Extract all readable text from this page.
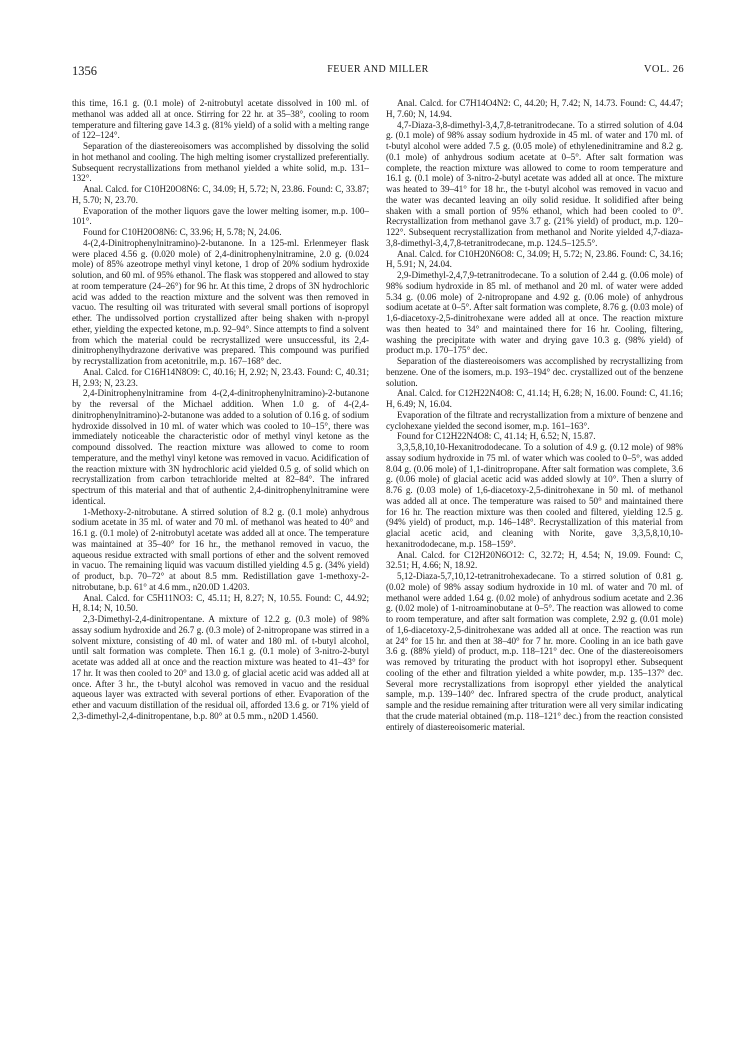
1356	FEUER AND MILLER	VOL. 26

this time, 16.1 g. (0.1 mole) of 2-nitrobutyl acetate dissolved in 100 ml. of methanol was added all at once. Stirring for 22 hr. at 35–38°, cooling to room temperature and filtering gave 14.3 g. (81% yield) of a solid with a melting range of 122–124°.

Separation of the diastereoisomers was accomplished by dissolving the solid in hot methanol and cooling. The high melting isomer crystallized preferentially. Subsequent recrystallizations from methanol yielded a white solid, m.p. 131–132°.

Anal. Calcd. for C10H20O8N6: C, 34.09; H, 5.72; N, 23.86. Found: C, 33.87; H, 5.70; N, 23.70.

Evaporation of the mother liquors gave the lower melting isomer, m.p. 100–101°.

Found for C10H20O8N6: C, 33.96; H, 5.78; N, 24.06.

4-(2,4-Dinitrophenylnitramino)-2-butanone. In a 125-ml. Erlenmeyer flask were placed 4.56 g. (0.020 mole) of 2,4-dinitrophenylnitramine, 2.0 g. (0.024 mole) of 85% azeotrope methyl vinyl ketone, 1 drop of 20% sodium hydroxide solution, and 60 ml. of 95% ethanol. The flask was stoppered and allowed to stay at room temperature (24–26°) for 96 hr. At this time, 2 drops of 3N hydrochloric acid was added to the reaction mixture and the solvent was then removed in vacuo. The resulting oil was triturated with several small portions of isopropyl ether. The undissolved portion crystallized after being shaken with n-propyl ether, yielding the expected ketone, m.p. 92–94°. Since attempts to find a solvent from which the material could be recrystallized were unsuccessful, its 2,4-dinitrophenylhydrazone derivative was prepared. This compound was purified by recrystallization from acetonitrile, m.p. 167–168° dec.

Anal. Calcd. for C16H14N8O9: C, 40.16; H, 2.92; N, 23.43. Found: C, 40.31; H, 2.93; N, 23.23.

2,4-Dinitrophenylnitramine from 4-(2,4-dinitrophenylnitramino)-2-butanone by the reversal of the Michael addition. When 1.0 g. of 4-(2,4-dinitrophenylnitramino)-2-butanone was added to a solution of 0.16 g. of sodium hydroxide dissolved in 10 ml. of water which was cooled to 10–15°, there was immediately noticeable the characteristic odor of methyl vinyl ketone as the compound dissolved. The reaction mixture was allowed to come to room temperature, and the methyl vinyl ketone was removed in vacuo. Acidification of the reaction mixture with 3N hydrochloric acid yielded 0.5 g. of solid which on recrystallization from carbon tetrachloride melted at 82–84°. The infrared spectrum of this material and that of authentic 2,4-dinitrophenylnitramine were identical.

1-Methoxy-2-nitrobutane. A stirred solution of 8.2 g. (0.1 mole) anhydrous sodium acetate in 35 ml. of water and 70 ml. of methanol was heated to 40° and 16.1 g. (0.1 mole) of 2-nitrobutyl acetate was added all at once. The temperature was maintained at 35–40° for 16 hr., the methanol removed in vacuo, the aqueous residue extracted with small portions of ether and the solvent removed in vacuo. The remaining liquid was vacuum distilled yielding 4.5 g. (34% yield) of product, b.p. 70–72° at about 8.5 mm. Redistillation gave 1-methoxy-2-nitrobutane, b.p. 61° at 4.6 mm., n20.0D 1.4203.

Anal. Calcd. for C5H11NO3: C, 45.11; H, 8.27; N, 10.55. Found: C, 44.92; H, 8.14; N, 10.50.

2,3-Dimethyl-2,4-dinitropentane. A mixture of 12.2 g. (0.3 mole) of 98% assay sodium hydroxide and 26.7 g. (0.3 mole) of 2-nitropropane was stirred in a solvent mixture, consisting of 40 ml. of water and 180 ml. of t-butyl alcohol, until salt formation was complete. Then 16.1 g. (0.1 mole) of 3-nitro-2-butyl acetate was added all at once and the reaction mixture was heated to 41–43° for 17 hr. It was then cooled to 20° and 13.0 g. of glacial acetic acid was added all at once. After 3 hr., the t-butyl alcohol was removed in vacuo and the residual aqueous layer was extracted with several portions of ether. Evaporation of the ether and vacuum distillation of the residual oil, afforded 13.6 g. or 71% yield of 2,3-dimethyl-2,4-dinitropentane, b.p. 80° at 0.5 mm., n20D 1.4560.

Anal. Calcd. for C7H14O4N2: C, 44.20; H, 7.42; N, 14.73. Found: C, 44.47; H, 7.60; N, 14.94.

4,7-Diaza-3,8-dimethyl-3,4,7,8-tetranitrodecane. To a stirred solution of 4.04 g. (0.1 mole) of 98% assay sodium hydroxide in 45 ml. of water and 170 ml. of t-butyl alcohol were added 7.5 g. (0.05 mole) of ethylenedinitramine and 8.2 g. (0.1 mole) of anhydrous sodium acetate at 0–5°. After salt formation was complete, the reaction mixture was allowed to come to room temperature and 16.1 g. (0.1 mole) of 3-nitro-2-butyl acetate was added all at once. The mixture was heated to 39–41° for 18 hr., the t-butyl alcohol was removed in vacuo and the water was decanted leaving an oily solid residue. It solidified after being shaken with a small portion of 95% ethanol, which had been cooled to 0°. Recrystallization from methanol gave 3.7 g. (21% yield) of product, m.p. 120–122°. Subsequent recrystallization from methanol and Norite yielded 4,7-diaza-3,8-dimethyl-3,4,7,8-tetranitrodecane, m.p. 124.5–125.5°.

Anal. Calcd. for C10H20N6O8: C, 34.09; H, 5.72; N, 23.86. Found: C, 34.16; H, 5.91; N, 24.04.

2,9-Dimethyl-2,4,7,9-tetranitrodecane. To a solution of 2.44 g. (0.06 mole) of 98% sodium hydroxide in 85 ml. of methanol and 20 ml. of water were added 5.34 g. (0.06 mole) of 2-nitropropane and 4.92 g. (0.06 mole) of anhydrous sodium acetate at 0–5°. After salt formation was complete, 8.76 g. (0.03 mole) of 1,6-diacetoxy-2,5-dinitrohexane were added all at once. The reaction mixture was then heated to 34° and maintained there for 16 hr. Cooling, filtering, washing the precipitate with water and drying gave 10.3 g. (98% yield) of product m.p. 170–175° dec.

Separation of the diastereoisomers was accomplished by recrystallizing from benzene. One of the isomers, m.p. 193–194° dec. crystallized out of the benzene solution.

Anal. Calcd. for C12H22N4O8: C, 41.14; H, 6.28; N, 16.00. Found: C, 41.16; H, 6.49; N, 16.04.

Evaporation of the filtrate and recrystallization from a mixture of benzene and cyclohexane yielded the second isomer, m.p. 161–163°.

Found for C12H22N4O8: C, 41.14; H, 6.52; N, 15.87.

3,3,5,8,10,10-Hexanitrododecane. To a solution of 4.9 g. (0.12 mole) of 98% assay sodium hydroxide in 75 ml. of water which was cooled to 0–5°, was added 8.04 g. (0.06 mole) of 1,1-dinitropropane. After salt formation was complete, 3.6 g. (0.06 mole) of glacial acetic acid was added slowly at 10°. Then a slurry of 8.76 g. (0.03 mole) of 1,6-diacetoxy-2,5-dinitrohexane in 50 ml. of methanol was added all at once. The temperature was raised to 50° and maintained there for 16 hr. The reaction mixture was then cooled and filtered, yielding 12.5 g. (94% yield) of product, m.p. 146–148°. Recrystallization of this material from glacial acetic acid, and cleaning with Norite, gave 3,3,5,8,10,10-hexanitrododecane, m.p. 158–159°.

Anal. Calcd. for C12H20N6O12: C, 32.72; H, 4.54; N, 19.09. Found: C, 32.51; H, 4.66; N, 18.92.

5,12-Diaza-5,7,10,12-tetranitrohexadecane. To a stirred solution of 0.81 g. (0.02 mole) of 98% assay sodium hydroxide in 10 ml. of water and 70 ml. of methanol were added 1.64 g. (0.02 mole) of anhydrous sodium acetate and 2.36 g. (0.02 mole) of 1-nitroaminobutane at 0–5°. The reaction was allowed to come to room temperature, and after salt formation was complete, 2.92 g. (0.01 mole) of 1,6-diacetoxy-2,5-dinitrohexane was added all at once. The reaction was run at 24° for 15 hr. and then at 38–40° for 7 hr. more. Cooling in an ice bath gave 3.6 g. (88% yield) of product, m.p. 118–121° dec. One of the diastereoisomers was removed by triturating the product with hot isopropyl ether. Subsequent cooling of the ether and filtration yielded a white powder, m.p. 135–137° dec. Several more recrystallizations from isopropyl ether yielded the analytical sample, m.p. 139–140° dec. Infrared spectra of the crude product, analytical sample and the residue remaining after trituration were all very similar indicating that the crude material obtained (m.p. 118–121° dec.) from the reaction consisted entirely of diastereoisomeric material.
